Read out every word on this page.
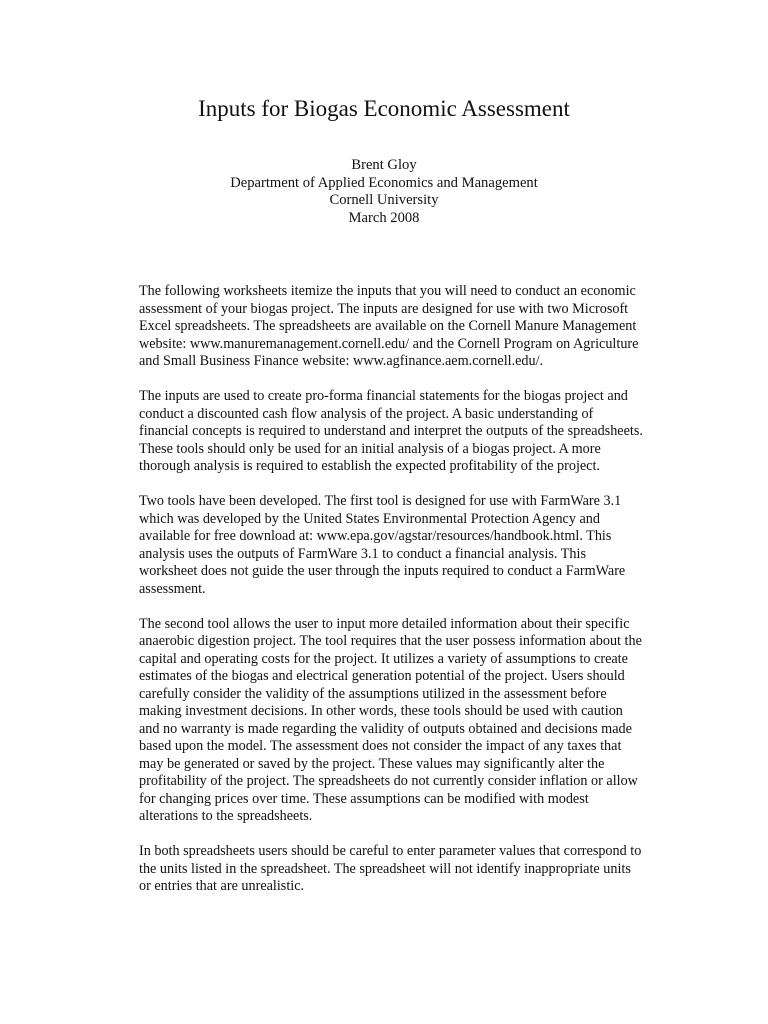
Inputs for Biogas Economic Assessment
Brent Gloy
Department of Applied Economics and Management
Cornell University
March 2008

The following worksheets itemize the inputs that you will need to conduct an economic
assessment of your biogas project. The inputs are designed for use with two Microsoft
Excel spreadsheets. The spreadsheets are available on the Cornell Manure Management
website: www.manuremanagement.cornell.edu/ and the Cornell Program on Agriculture
and Small Business Finance website: www.agfinance.aem.cornell.edu/.

The inputs are used to create pro-forma financial statements for the biogas project and
conduct a discounted cash flow analysis of the project. A basic understanding of
financial concepts is required to understand and interpret the outputs of the spreadsheets.
These tools should only be used for an initial analysis of a biogas project. A more
thorough analysis is required to establish the expected profitability of the project.

Two tools have been developed. The first tool is designed for use with FarmWare 3.1
which was developed by the United States Environmental Protection Agency and
available for free download at: www.epa.gov/agstar/resources/handbook.html. This
analysis uses the outputs of FarmWare 3.1 to conduct a financial analysis. This
worksheet does not guide the user through the inputs required to conduct a FarmWare
assessment.

The second tool allows the user to input more detailed information about their specific
anaerobic digestion project. The tool requires that the user possess information about the
capital and operating costs for the project. It utilizes a variety of assumptions to create
estimates of the biogas and electrical generation potential of the project. Users should
carefully consider the validity of the assumptions utilized in the assessment before
making investment decisions. In other words, these tools should be used with caution
and no warranty is made regarding the validity of outputs obtained and decisions made
based upon the model. The assessment does not consider the impact of any taxes that
may be generated or saved by the project. These values may significantly alter the
profitability of the project. The spreadsheets do not currently consider inflation or allow
for changing prices over time. These assumptions can be modified with modest
alterations to the spreadsheets.

In both spreadsheets users should be careful to enter parameter values that correspond to
the units listed in the spreadsheet. The spreadsheet will not identify inappropriate units
or entries that are unrealistic.
